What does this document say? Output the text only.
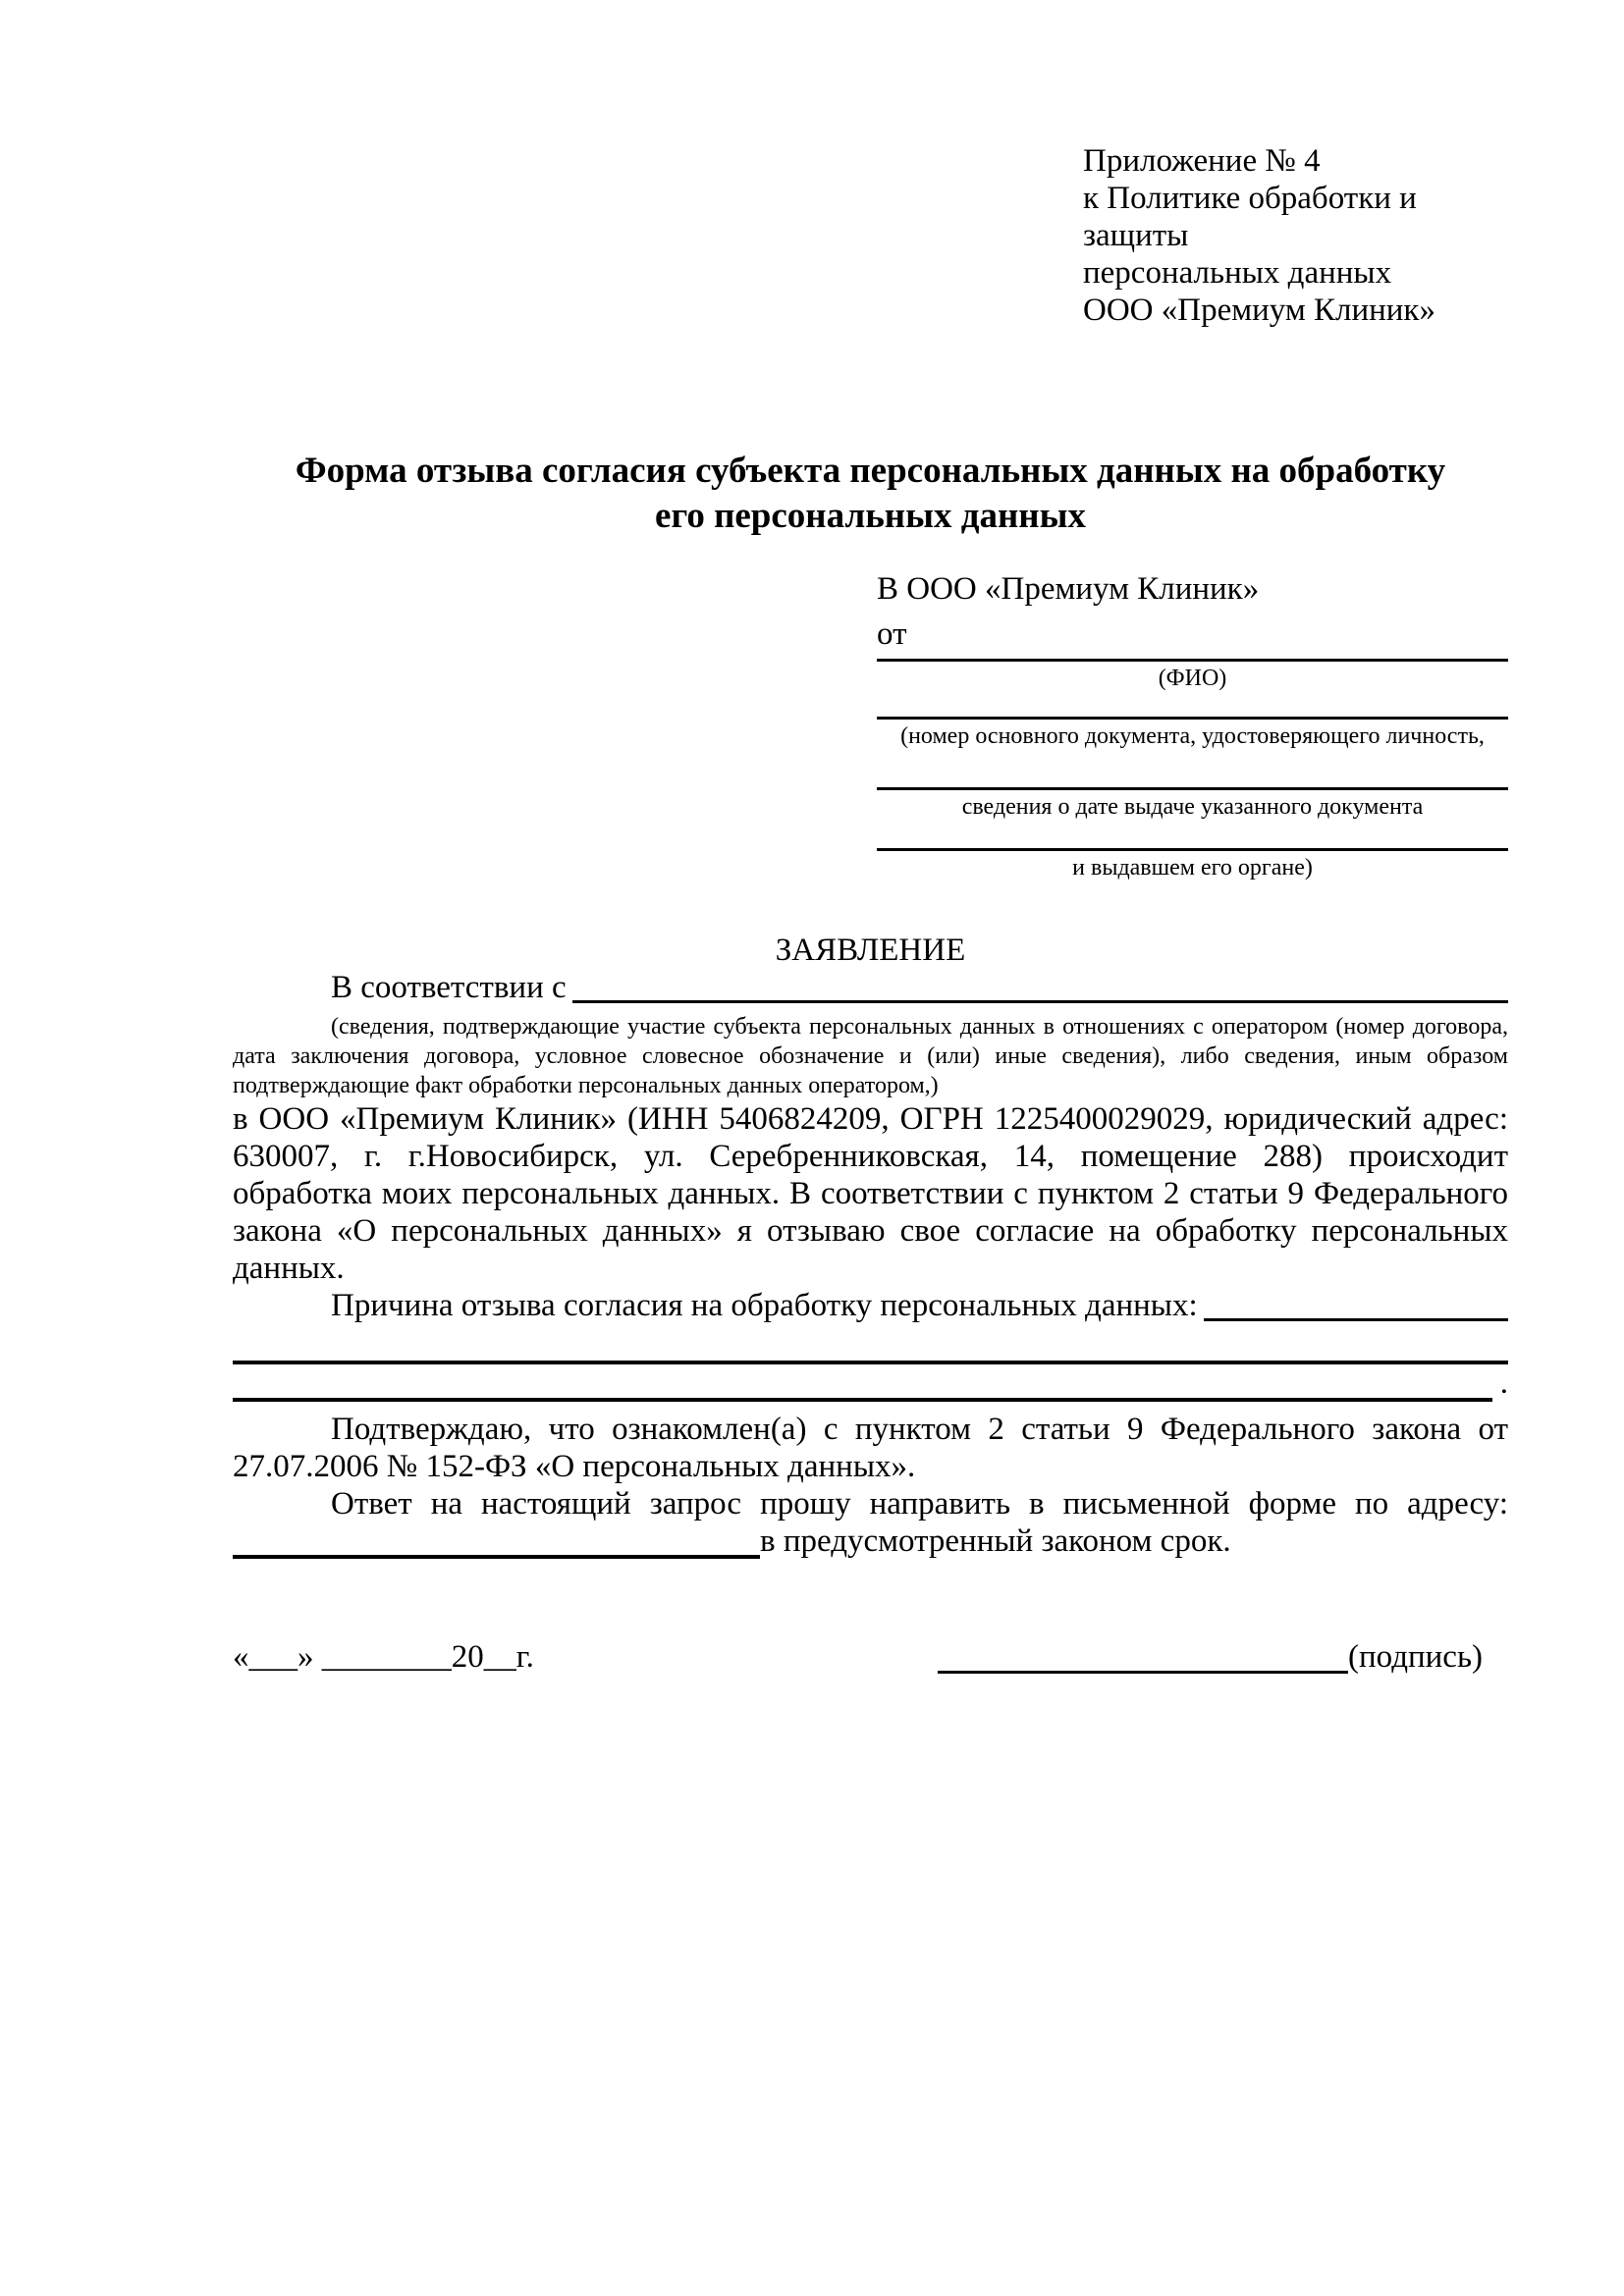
Приложение № 4
к Политике обработки и защиты
персональных данных
ООО «Премиум Клиник»
Форма отзыва согласия субъекта персональных данных на обработку
его персональных данных
В ООО «Премиум Клиник»
от
(ФИО)
(номер основного документа, удостоверяющего личность,
сведения о дате выдаче указанного документа
и выдавшем его органе)
ЗАЯВЛЕНИЕ
В соответствии с
(сведения, подтверждающие участие субъекта персональных данных в отношениях с оператором (номер договора, дата заключения договора, условное словесное обозначение и (или) иные сведения), либо сведения, иным образом подтверждающие факт обработки персональных данных оператором,)
в ООО «Премиум Клиник» (ИНН 5406824209, ОГРН 1225400029029, юридический адрес: 630007, г. г.Новосибирск, ул. Серебренниковская, 14, помещение 288) происходит обработка моих персональных данных. В соответствии с пунктом 2 статьи 9 Федерального закона «О персональных данных» я отзываю свое согласие на обработку персональных данных.
Причина отзыва согласия на обработку персональных данных:
.
Подтверждаю, что ознакомлен(а) с пунктом 2 статьи 9 Федерального закона от 27.07.2006 № 152-ФЗ «О персональных данных».
Ответ на настоящий запрос прошу направить в письменной форме по адресу:
в предусмотренный законом срок.
«___» ________20__г.	(подпись)
